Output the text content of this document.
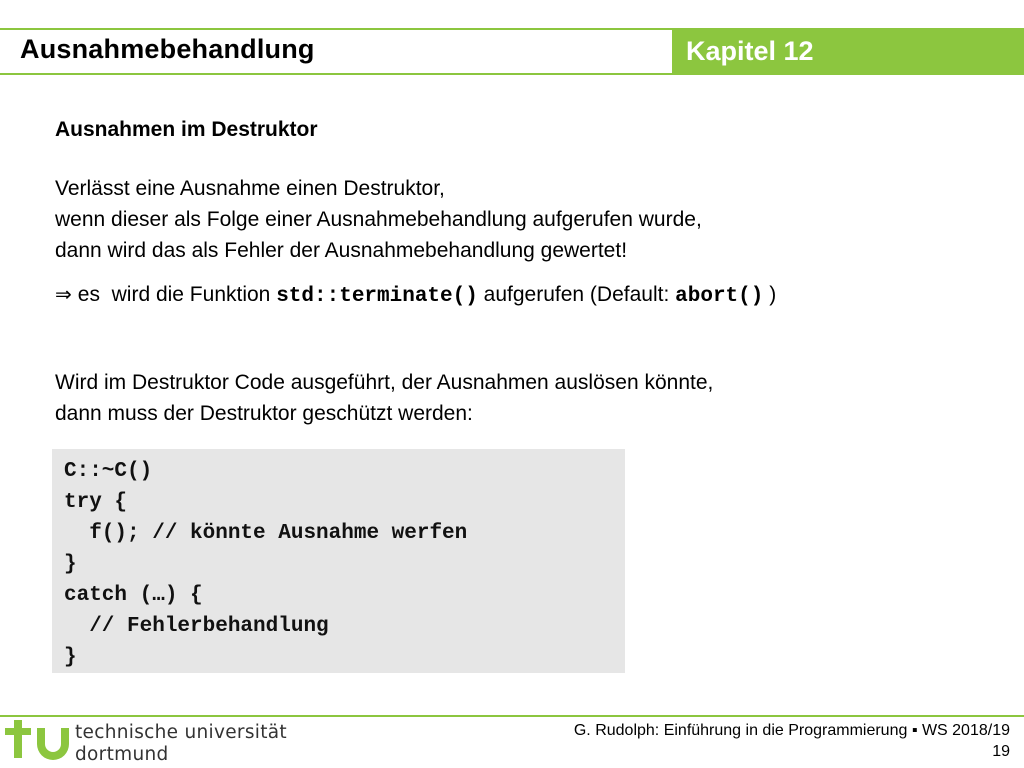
Ausnahmebehandlung	Kapitel 12
Ausnahmen im Destruktor
Verlässt eine Ausnahme einen Destruktor,
wenn dieser als Folge einer Ausnahmebehandlung aufgerufen wurde,
dann wird das als Fehler der Ausnahmebehandlung gewertet!
⇒ es  wird die Funktion std::terminate() aufgerufen (Default: abort() )
Wird im Destruktor Code ausgeführt, der Ausnahmen auslösen könnte,
dann muss der Destruktor geschützt werden:
C::~C()
try {
f(); // könnte Ausnahme werfen
}
catch (…) {
// Fehlerbehandlung
}
technische universität
dortmund
G. Rudolph: Einführung in die Programmierung ▪ WS 2018/19
19
